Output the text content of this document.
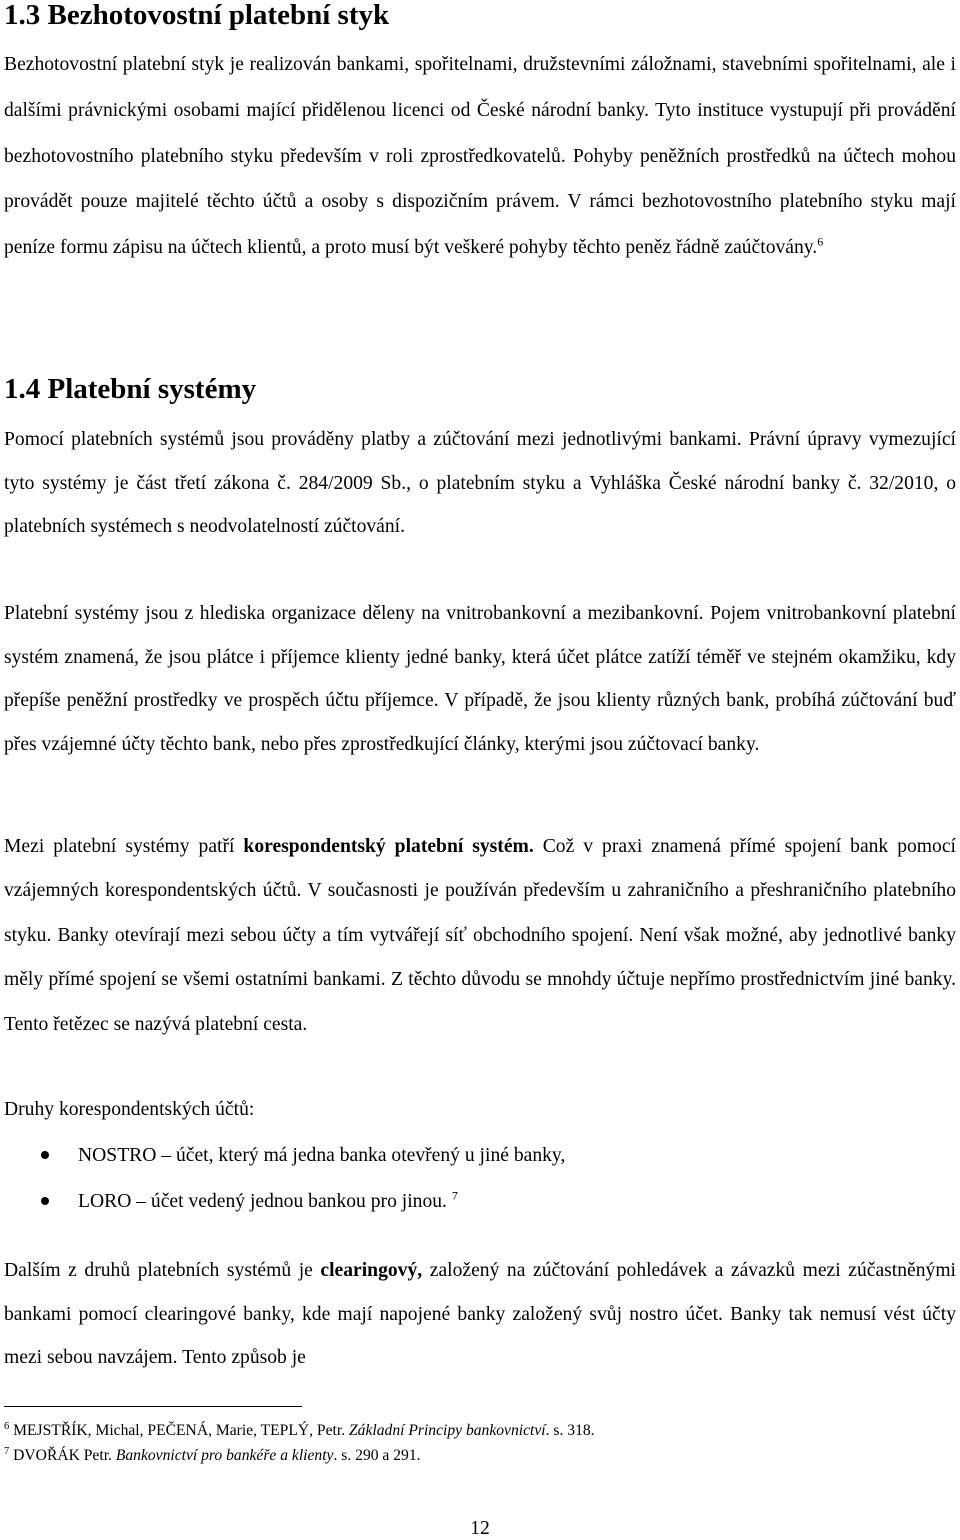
1.3 Bezhotovostní platební styk

Bezhotovostní platební styk je realizován bankami, spořitelnami, družstevními záložnami, stavebními spořitelnami, ale i dalšími právnickými osobami mající přidělenou licenci od České národní banky. Tyto instituce vystupují při provádění bezhotovostního platebního styku především v roli zprostředkovatelů. Pohyby peněžních prostředků na účtech mohou provádět pouze majitelé těchto účtů a osoby s dispozičním právem. V rámci bezhotovostního platebního styku mají peníze formu zápisu na účtech klientů, a proto musí být veškeré pohyby těchto peněz řádně zaúčtovány.$^6$

1.4 Platební systémy

Pomocí platebních systémů jsou prováděny platby a zúčtování mezi jednotlivými bankami. Právní úpravy vymezující tyto systémy je část třetí zákona č. 284/2009 Sb., o platebním styku a Vyhláška České národní banky č. 32/2010, o platebních systémech s neodvolatelností zúčtování.

Platební systémy jsou z hlediska organizace děleny na vnitrobankovní a mezibankovní. Pojem vnitrobankovní platební systém znamená, že jsou plátce i příjemce klienty jedné banky, která účet plátce zatíží téměř ve stejném okamžiku, kdy přepíše peněžní prostředky ve prospěch účtu příjemce. V případě, že jsou klienty různých bank, probíhá zúčtování buď přes vzájemné účty těchto bank, nebo přes zprostředkující články, kterými jsou zúčtovací banky.

Mezi platební systémy patří korespondentský platební systém. Což v praxi znamená přímé spojení bank pomocí vzájemných korespondentských účtů. V současnosti je používán především u zahraničního a přeshraničního platebního styku. Banky otevírají mezi sebou účty a tím vytvářejí síť obchodního spojení. Není však možné, aby jednotlivé banky měly přímé spojení se všemi ostatními bankami. Z těchto důvodu se mnohdy účtuje nepřímo prostřednictvím jiné banky. Tento řetězec se nazývá platební cesta.

Druhy korespondentských účtů:

NOSTRO – účet, který má jedna banka otevřený u jiné banky,
LORO – účet vedený jednou bankou pro jinou. $^7$

Dalším z druhů platebních systémů je clearingový, založený na zúčtování pohledávek a závazků mezi zúčastněnými bankami pomocí clearingové banky, kde mají napojené banky založený svůj nostro účet. Banky tak nemusí vést účty mezi sebou navzájem. Tento způsob je

$^6$ MEJSTŘÍK, Michal, PEČENÁ, Marie, TEPLÝ, Petr. Základní Principy bankovnictví. s. 318.
$^7$ DVOŘÁK Petr. Bankovnictví pro bankéře a klienty. s. 290 a 291.
12
